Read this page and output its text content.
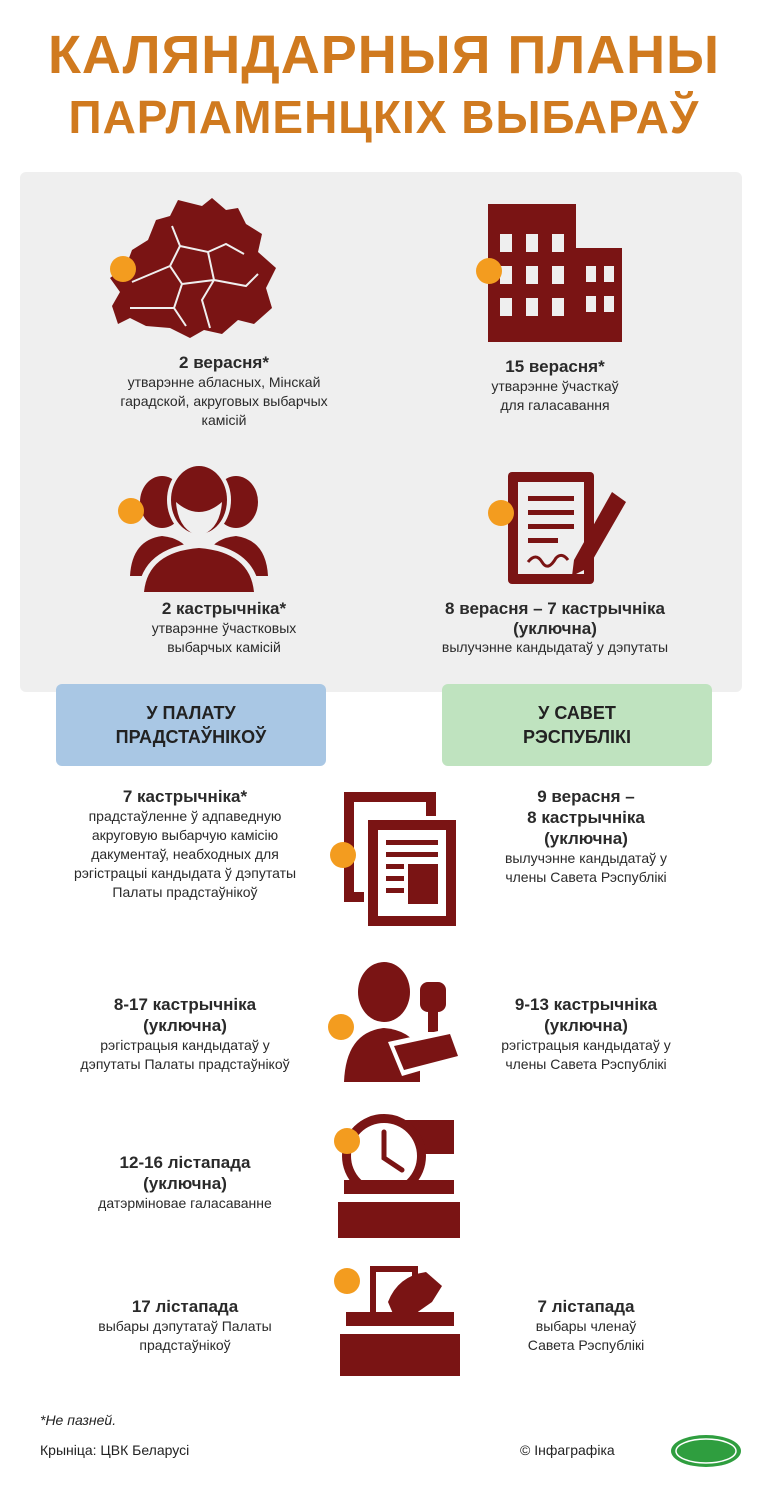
КАЛЯНДАРНЫЯ ПЛАНЫ
ПАРЛАМЕНЦКІХ ВЫБАРАЎ
2 верасня*
утварэнне абласных, Мінскай
гарадской, акруговых выбарчых
камісій
15 верасня*
утварэнне ўчасткаў
для галасавання
2 кастрычніка*
утварэнне ўчастковых
выбарчых камісій
8 верасня – 7 кастрычніка
(уключна)
вылучэнне кандыдатаў у дэпутаты
У ПАЛАТУ
ПРАДСТАЎНІКОЎ
У САВЕТ
РЭСПУБЛІКІ
7 кастрычніка*
прадстаўленне ў адпаведную
акруговую выбарчую камісію
дакументаў, неабходных для
рэгістрацыі кандыдата ў дэпутаты
Палаты прадстаўнікоў
9 верасня –
8 кастрычніка
(уключна)
вылучэнне кандыдатаў у
члены Савета Рэспублікі
8-17 кастрычніка
(уключна)
рэгістрацыя кандыдатаў у
дэпутаты Палаты прадстаўнікоў
9-13 кастрычніка
(уключна)
рэгістрацыя кандыдатаў у
члены Савета Рэспублікі
12-16 лістапада
(уключна)
датэрміновае галасаванне
17 лістапада
выбары дэпутатаў Палаты
прадстаўнікоў
7 лістапада
выбары членаў
Савета Рэспублікі
*Не пазней.
Крыніца: ЦВК Беларусі	© Інфаграфіка
